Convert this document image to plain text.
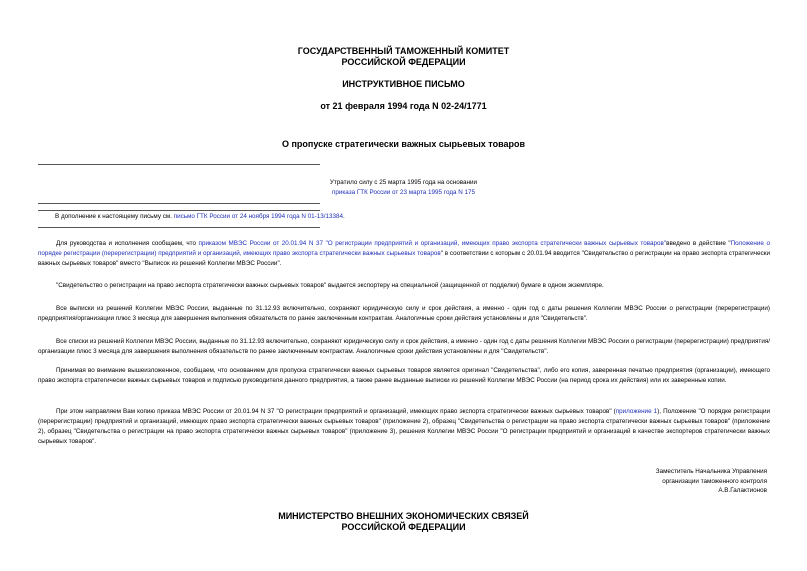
ГОСУДАРСТВЕННЫЙ ТАМОЖЕННЫЙ КОМИТЕТ
РОССИЙСКОЙ ФЕДЕРАЦИИ
ИНСТРУКТИВНОЕ ПИСЬМО
от 21 февраля 1994 года N 02-24/1771
О пропуске стратегически важных сырьевых товаров
Утратило силу с 25 марта 1995 года на основании
приказа ГТК России от 23 марта 1995 года N 175
В дополнение к настоящему письму см. письмо ГТК России от 24 ноября 1994 года N 01-13/13384.
Для руководства и исполнения сообщаем, что приказом МВЭС России от 20.01.94 N 37 "О регистрации предприятий и организаций, имеющих право экспорта стратегически важных сырьевых товаров"введено в действие "Положение о порядке регистрации (перерегистрации) предприятий и организаций, имеющих право экспорта стратегически важных сырьевых товаров" в соответствии с которым с 20.01.94 вводится "Свидетельство о регистрации на право экспорта стратегически важных сырьевых товаров" вместо "Выписок из решений Коллегии МВЭС России".
"Свидетельство о регистрации на право экспорта стратегически важных сырьевых товаров" выдается экспортеру на специальной (защищенной от подделки) бумаге в одном экземпляре.
Все выписки из решений Коллегии МВЭС России, выданные по 31.12.93 включительно, сохраняют юридическую силу и срок действия, а именно - один год с даты решения Коллегии МВЭС России о регистрации (перерегистрации) предприятия/организации плюс 3 месяца для завершения выполнения обязательств по ранее заключенным контрактам. Аналогичные сроки действия установлены и для "Свидетельств".
Все списки из решений Коллегии МВЭС России, выданные по 31.12.93 включительно, сохраняют юридическую силу и срок действия, а именно - один год с даты решения Коллегии МВЭС России о регистрации (перерегистрации) предприятия/организации плюс 3 месяца для завершения выполнения обязательств по ранее заключенным контрактам. Аналогичные сроки действия установлены и для "Свидетельств".
Принимая во внимание вышеизложенное, сообщаем, что основанием для пропуска стратегически важных сырьевых товаров является оригинал "Свидетельства", либо его копия, заверенная печатью предприятия (организации), имеющего право экспорта стратегически важных сырьевых товаров и подписью руководителя данного предприятия, а также ранее выданные выписки из решений Коллегии МВЭС России (на период срока их действия) или их заверенные копии.
При этом направляем Вам копию приказа МВЭС России от 20.01.94 N 37 "О регистрации предприятий и организаций, имеющих право экспорта стратегически важных сырьевых товаров" (приложение 1), Положение "О порядке регистрации (перерегистрации) предприятий и организаций, имеющих право экспорта стратегически важных сырьевых товаров" (приложение 2), образец "Свидетельства о регистрации на право экспорта стратегически важных сырьевых товаров" (приложение 2), образец "Свидетельства о регистрации на право экспорта стратегически важных сырьевых товаров" (приложение 3), решения Коллегии МВЭС России "О регистрации предприятий и организаций в качестве экспортеров стратегически важных сырьевых товаров".
Заместитель Начальника Управления
организации таможенного контроля
А.В.Галактионов
МИНИСТЕРСТВО ВНЕШНИХ ЭКОНОМИЧЕСКИХ СВЯЗЕЙ
РОССИЙСКОЙ ФЕДЕРАЦИИ
